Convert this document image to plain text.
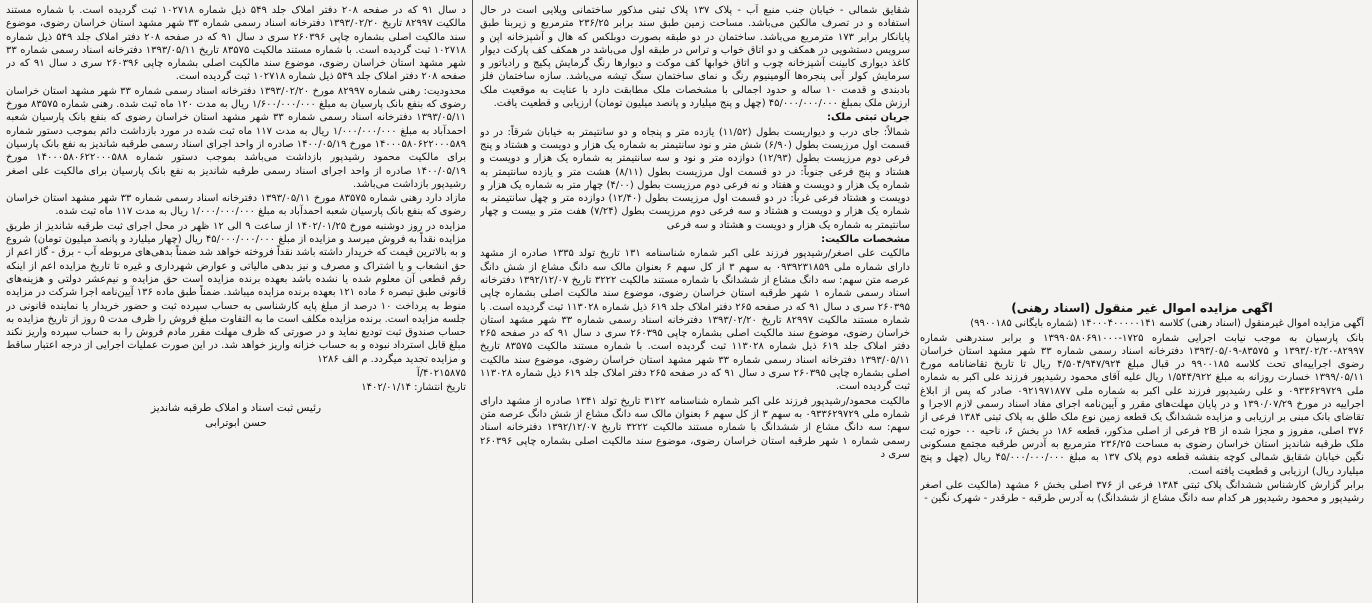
آگهی مزایده اموال غیر منقول (اسناد رهنی)

آگهی مزایده اموال غیرمنقول (اسناد رهنی) کلاسه ۱۴۰۰۰۴۰۰۰۰۰۱۴۱ (شماره بایگانی ۹۹۰۰۱۸۵)

بانک پارسیان به موجب نیابت اجرایی شماره ۱۷۲۵-۱۳۹۹۰۵۸۰۶۹۱۰۰۰ و برابر سندرهنی شماره ۸۲۹۹۷-۱۳۹۳/۰۲/۲۰ و ۸۳۵۷۵-۱۳۹۳/۰۵/۰۹ دفترخانه اسناد رسمی شماره ۳۳ شهر مشهد استان خراسان رضوی اجراییه‌ای تحت کلاسه ۹۹۰۰۱۸۵ در قبال مبلغ ۴/۵۰۴/۹۴۷/۹۲۴ ریال تا تاریخ تقاضانامه مورخ ۱۳۹۹/۰۵/۱۱ خسارت روزانه به مبلغ ۱/۵۴۴/۹۲۲ ریال علیه آقای محمود رشیدپور فرزند علی اکبر به شماره ملی ۰۹۳۳۶۲۹۷۲۹ و علی رشیدپور فرزند علی اکبر به شماره ملی ۰۹۲۱۹۷۱۸۷۷ صادر که پس از ابلاغ اجراییه در مورخ ۱۳۹۰/۰۷/۲۹ و در پایان مهلت‌های مقرر و آیین‌نامه اجرای مفاد اسناد رسمی لازم الاجرا و تقاضای بانک مبنی بر ارزیابی و مزایده ششدانگ یک قطعه زمین نوع ملک طلق به پلاک ثبتی ۱۳۸۴ فرعی از ۳۷۶ اصلی، مفروز و مجزا شده از ۲B فرعی از اصلی مذکور، قطعه ۱۸۶ در بخش ۶، ناحیه ۰۰ حوزه ثبت ملک طرقبه شاندیز استان خراسان رضوی به مساحت ۲۳۶/۲۵ مترمربع به آدرس طرقبه مجتمع مسکونی نگین خیابان شقایق شمالی کوچه بنفشه قطعه دوم پلاک ۱۳۷ به مبلغ ۴۵/۰۰۰/۰۰۰/۰۰۰ ریال (چهل و پنج میلیارد ریال) ارزیابی و قطعیت یافته است.

برابر گزارش کارشناس ششدانگ پلاک ثبتی ۱۳۸۴ فرعی از ۳۷۶ اصلی بخش ۶ مشهد (مالکیت علی اصغر رشیدپور و محمود رشیدپور هر کدام سه دانگ مشاع از ششدانگ) به آدرس طرقبه - طرقدر - شهرک نگین -

شقایق شمالی - خیابان جنب منبع آب - پلاک ۱۳۷ پلاک ثبتی مذکور ساختمانی ویلایی است در حال استفاده و در تصرف مالکین می‌باشد. مساحت زمین طبق سند برابر ۲۳۶/۲۵ مترمربع و زیربنا طبق پایانکار برابر ۱۷۳ مترمربع می‌باشد. ساختمان در دو طبقه بصورت دوبلکس که هال و آشپزخانه اپن و سرویس دستشویی در همکف و دو اتاق خواب و تراس در طبقه اول می‌باشد در همکف کف پارکت دیوار کاغذ دیواری کابینت آشپزخانه چوب و اتاق خوابها کف موکت و دیوارها رنگ گرمایش پکیج و رادیاتور و سرمایش کولر آبی پنجره‌ها آلومینیوم رنگ و نمای ساختمان سنگ تیشه می‌باشد. سازه ساختمان فلز بادبندی و قدمت ۱۰ ساله و حدود اجمالی با مشخصات ملک مطابقت دارد با عنایت به موقعیت ملک ارزش ملک بمبلغ ۴۵/۰۰۰/۰۰۰/۰۰۰ (چهل و پنج میلیارد و پانصد میلیون تومان) ارزیابی و قطعیت یافت.

جریان ثبتی ملک:

شمالاً: جای درب و دیواریست بطول (۱۱/۵۲) یازده متر و پنجاه و دو سانتیمتر به خیابان شرقاً: در دو قسمت اول مرزیست بطول (۶/۹۰) شش متر و نود سانتیمتر به شماره یک هزار و دویست و هشتاد و پنج فرعی دوم مرزیست بطول (۱۲/۹۳) دوازده متر و نود و سه سانتیمتر به شماره یک هزار و دویست و هشتاد و پنج فرعی جنوباً: در دو قسمت اول مرزیست بطول (۸/۱۱) هشت متر و یازده سانتیمتر به شماره یک هزار و دویست و هفتاد و نه فرعی دوم مرزیست بطول (۴/۰۰) چهار متر به شماره یک هزار و دویست و هشتاد فرعی غرباً: در دو قسمت اول مرزیست بطول (۱۲/۴۰) دوازده متر و چهل سانتیمتر به شماره یک هزار و دویست و هشتاد و سه فرعی دوم مرزیست بطول (۷/۲۴) هفت متر و بیست و چهار سانتیمتر به شماره یک هزار و دویست و هشتاد و سه فرعی

مشخصات مالکیت:

مالکیت علی اصغر/رشیدپور فرزند علی اکبر شماره شناسنامه ۱۳۱ تاریخ تولد ۱۳۳۵ صادره از مشهد دارای شماره ملی ۰۹۳۹۲۳۱۸۵۹ به سهم ۳ از کل سهم ۶ بعنوان مالک سه دانگ مشاع از شش دانگ عرصه متن سهم: سه دانگ مشاع از ششدانگ با شماره مستند مالکیت ۳۲۲۲ تاریخ ۱۳۹۲/۱۲/۰۷ دفترخانه اسناد رسمی شماره ۱ شهر طرقبه استان خراسان رضوی، موضوع سند مالکیت اصلی بشماره چاپی ۲۶۰۳۹۵ سری د سال ۹۱ که در صفحه ۲۶۵ دفتر املاک جلد ۶۱۹ ذیل شماره ۱۱۳۰۲۸ ثبت گردیده است. با شماره مستند مالکیت ۸۲۹۹۷ تاریخ ۱۳۹۳/۰۲/۲۰ دفترخانه اسناد رسمی شماره ۳۳ شهر مشهد استان خراسان رضوی، موضوع سند مالکیت اصلی بشماره چاپی ۲۶۰۳۹۵ سری د سال ۹۱ که در صفحه ۲۶۵ دفتر املاک جلد ۶۱۹ ذیل شماره ۱۱۳۰۲۸ ثبت گردیده است. با شماره مستند مالکیت ۸۳۵۷۵ تاریخ ۱۳۹۳/۰۵/۱۱ دفترخانه اسناد رسمی شماره ۳۳ شهر مشهد استان خراسان رضوی، موضوع سند مالکیت اصلی بشماره چاپی ۲۶۰۳۹۵ سری د سال ۹۱ که در صفحه ۲۶۵ دفتر املاک جلد ۶۱۹ ذیل شماره ۱۱۳۰۲۸ ثبت گردیده است.

مالکیت محمود/رشیدپور فرزند علی اکبر شماره شناسنامه ۳۱۲۲ تاریخ تولد ۱۳۴۱ صادره از مشهد دارای شماره ملی ۰۹۳۳۶۲۹۷۲۹ به سهم ۳ از کل سهم ۶ بعنوان مالک سه دانگ مشاع از شش دانگ عرصه متن سهم: سه دانگ مشاع از ششدانگ با شماره مستند مالکیت ۳۲۲۲ تاریخ ۱۳۹۲/۱۲/۰۷ دفترخانه اسناد رسمی شماره ۱ شهر طرقبه استان خراسان رضوی، موضوع سند مالکیت اصلی بشماره چاپی ۲۶۰۳۹۶ سری د

د سال ۹۱ که در صفحه ۲۰۸ دفتر املاک جلد ۵۴۹ ذیل شماره ۱۰۲۷۱۸ ثبت گردیده است. با شماره مستند مالکیت ۸۲۹۹۷ تاریخ ۱۳۹۳/۰۲/۲۰ دفترخانه اسناد رسمی شماره ۳۳ شهر مشهد استان خراسان رضوی، موضوع سند مالکیت اصلی بشماره چاپی ۲۶۰۳۹۶ سری د سال ۹۱ که در صفحه ۲۰۸ دفتر املاک جلد ۵۴۹ ذیل شماره ۱۰۲۷۱۸ ثبت گردیده است. با شماره مستند مالکیت ۸۳۵۷۵ تاریخ ۱۳۹۳/۰۵/۱۱ دفترخانه اسناد رسمی شماره ۳۳ شهر مشهد استان خراسان رضوی، موضوع سند مالکیت اصلی بشماره چاپی ۲۶۰۳۹۶ سری د سال ۹۱ که در صفحه ۲۰۸ دفتر املاک جلد ۵۴۹ ذیل شماره ۱۰۲۷۱۸ ثبت گردیده است.

محدودیت: رهنی شماره ۸۲۹۹۷ مورخ ۱۳۹۳/۰۲/۲۰ دفترخانه اسناد رسمی شماره ۳۳ شهر مشهد استان خراسان رضوی که بنفع بانک پارسیان به مبلغ ۱/۶۰۰/۰۰۰/۰۰۰ ریال به مدت ۱۲۰ ماه ثبت شده. رهنی شماره ۸۳۵۷۵ مورخ ۱۳۹۳/۰۵/۱۱ دفترخانه اسناد رسمی شماره ۳۳ شهر مشهد استان خراسان رضوی که بنفع بانک پارسیان شعبه احمدآباد به مبلغ ۱/۰۰۰/۰۰۰/۰۰۰ ریال به مدت ۱۱۷ ماه ثبت شده در مورد بازداشت دائم بموجب دستور شماره ۱۴۰۰۰۵۸۰۶۲۲۰۰۰۵۸۹ مورخ ۱۴۰۰/۰۵/۱۹ صادره از واحد اجرای اسناد رسمی طرقبه شاندیز به نفع بانک پارسیان برای مالکیت محمود رشیدپور بازداشت می‌باشد بموجب دستور شماره ۱۴۰۰۰۵۸۰۶۲۲۰۰۰۵۸۸ مورخ ۱۴۰۰/۰۵/۱۹ صادره از واحد اجرای اسناد رسمی طرقبه شاندیز به نفع بانک پارسیان برای مالکیت علی اصغر رشیدپور بازداشت می‌باشد.

مازاد دارد رهنی شماره ۸۳۵۷۵ مورخ ۱۳۹۳/۰۵/۱۱ دفترخانه اسناد رسمی شماره ۳۳ شهر مشهد استان خراسان رضوی که بنفع بانک پارسیان شعبه احمدآباد به مبلغ ۱/۰۰۰/۰۰۰/۰۰۰ ریال به مدت ۱۱۷ ماه ثبت شده.

مزایده در روز دوشنبه مورخ ۱۴۰۲/۰۱/۲۵ از ساعت ۹ الی ۱۲ ظهر در محل اجرای ثبت طرقبه شاندیز از طریق مزایده نقداً به فروش میرسد و مزایده از مبلغ ۴۵/۰۰۰/۰۰۰/۰۰۰ ریال (چهار میلیارد و پانصد میلیون تومان) شروع و به بالاترین قیمت که خریدار داشته باشد نقداً فروخته خواهد شد ضمناً بدهی‌های مربوطه آب - برق - گاز اعم از حق انشعاب و یا اشتراک و مصرف و نیز بدهی مالیاتی و عوارض شهرداری و غیره تا تاریخ مزایده اعم از اینکه رقم قطعی آن معلوم شده یا نشده باشد بعهده برنده مزایده است حق مزایده و نیم‌عشر دولتی و هزینه‌های قانونی طبق تبصره ۶ ماده ۱۲۱ بعهده برنده مزایده میباشد. ضمناً طبق ماده ۱۳۶ آیین‌نامه اجرا شرکت در مزایده منوط به پرداخت ۱۰ درصد از مبلغ پایه کارشناسی به حساب سپرده ثبت و حضور خریدار یا نماینده قانونی در جلسه مزایده است. برنده مزایده مکلف است ما به التفاوت مبلغ فروش را ظرف مدت ۵ روز از تاریخ مزایده به حساب صندوق ثبت تودیع نماید و در صورتی که ظرف مهلت مقرر مادم فروش را به حساب سپرده واریز نکند مبلغ قابل استرداد نبوده و به حساب خزانه واریز خواهد شد. در این صورت عملیات اجرایی از درجه اعتبار ساقط و مزایده تجدید میگردد. م الف ۱۲۸۶

۴۰۲۱۵۸۷۵/آ

تاریخ انتشار: ۱۴۰۲/۰۱/۱۴

رئیس ثبت اسناد و املاک طرقبه شاندیز
حسن ابوترابی
